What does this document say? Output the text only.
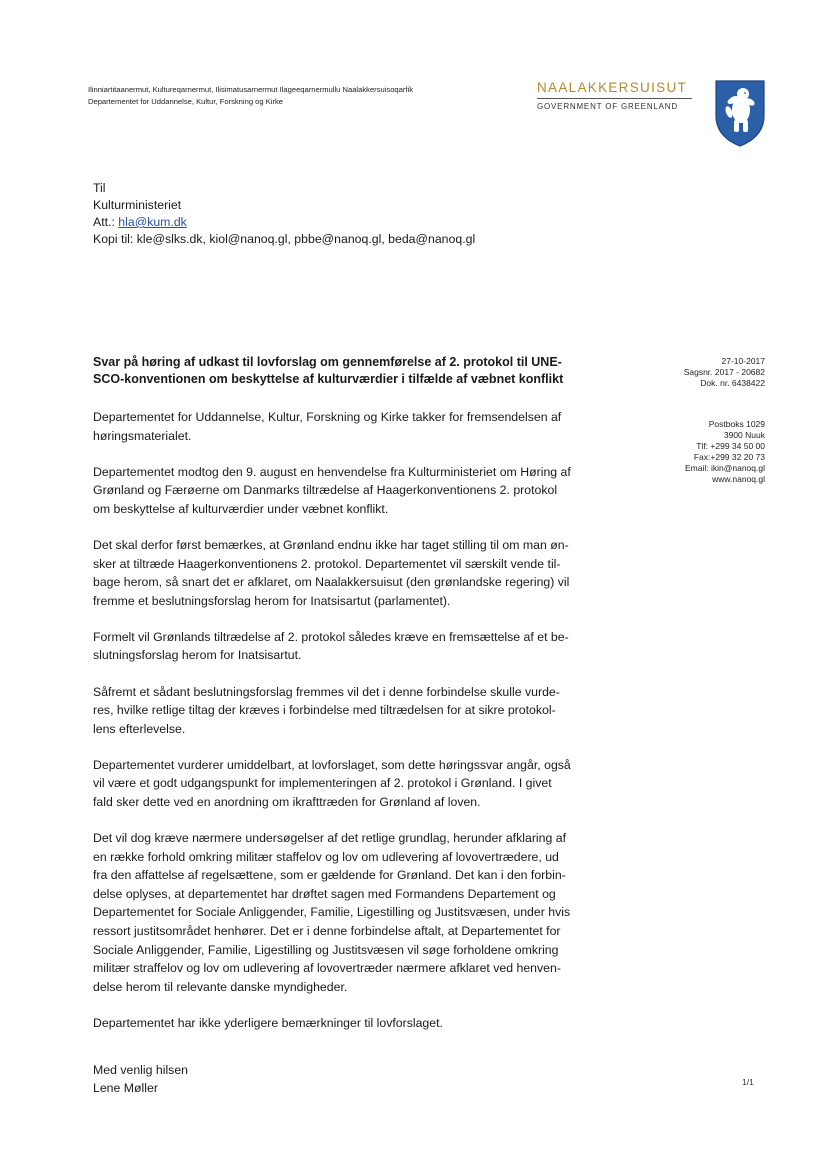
Ilinniartitaanermut, Kultureqarnermut, Ilisimatusarnermut Ilageeqarnermullu Naalakkersuisoqarfik
Departementet for Uddannelse, Kultur, Forskning og Kirke
NAALAKKERSUISUT
GOVERNMENT OF GREENLAND
Til
Kulturministeriet
Att.: hla@kum.dk
Kopi til: kle@slks.dk, kiol@nanoq.gl, pbbe@nanoq.gl, beda@nanoq.gl
Svar på høring af udkast til lovforslag om gennemførelse af 2. protokol til UNE-
SCO-konventionen om beskyttelse af kulturværdier i tilfælde af væbnet konflikt
27-10-2017
Sagsnr. 2017 - 20682
Dok. nr. 6438422
Postboks 1029
3900 Nuuk
Tlf: +299 34 50 00
Fax:+299 32 20 73
Email: ikin@nanoq.gl
www.nanoq.gl

Departementet for Uddannelse, Kultur, Forskning og Kirke takker for fremsendelsen af
høringsmaterialet.

Departementet modtog den 9. august en henvendelse fra Kulturministeriet om Høring af
Grønland og Færøerne om Danmarks tiltrædelse af Haagerkonventionens 2. protokol
om beskyttelse af kulturværdier under væbnet konflikt.

Det skal derfor først bemærkes, at Grønland endnu ikke har taget stilling til om man øn-
sker at tiltræde Haagerkonventionens 2. protokol. Departementet vil særskilt vende til-
bage herom, så snart det er afklaret, om Naalakkersuisut (den grønlandske regering) vil
fremme et beslutningsforslag herom for Inatsisartut (parlamentet).

Formelt vil Grønlands tiltrædelse af 2. protokol således kræve en fremsættelse af et be-
slutningsforslag herom for Inatsisartut.

Såfremt et sådant beslutningsforslag fremmes vil det i denne forbindelse skulle vurde-
res, hvilke retlige tiltag der kræves i forbindelse med tiltrædelsen for at sikre protokol-
lens efterlevelse.

Departementet vurderer umiddelbart, at lovforslaget, som dette høringssvar angår, også
vil være et godt udgangspunkt for implementeringen af 2. protokol i Grønland. I givet
fald sker dette ved en anordning om ikrafttræden for Grønland af loven.

Det vil dog kræve nærmere undersøgelser af det retlige grundlag, herunder afklaring af
en række forhold omkring militær staffelov og lov om udlevering af lovovertrædere, ud
fra den affattelse af regelsættene, som er gældende for Grønland. Det kan i den forbin-
delse oplyses, at departementet har drøftet sagen med Formandens Departement og
Departementet for Sociale Anliggender, Familie, Ligestilling og Justitsvæsen, under hvis
ressort justitsområdet henhører. Det er i denne forbindelse aftalt, at Departementet for
Sociale Anliggender, Familie, Ligestilling og Justitsvæsen vil søge forholdene omkring
militær straffelov og lov om udlevering af lovovertræder nærmere afklaret ved henven-
delse herom til relevante danske myndigheder.

Departementet har ikke yderligere bemærkninger til lovforslaget.

Med venlig hilsen
Lene Møller	1/1
